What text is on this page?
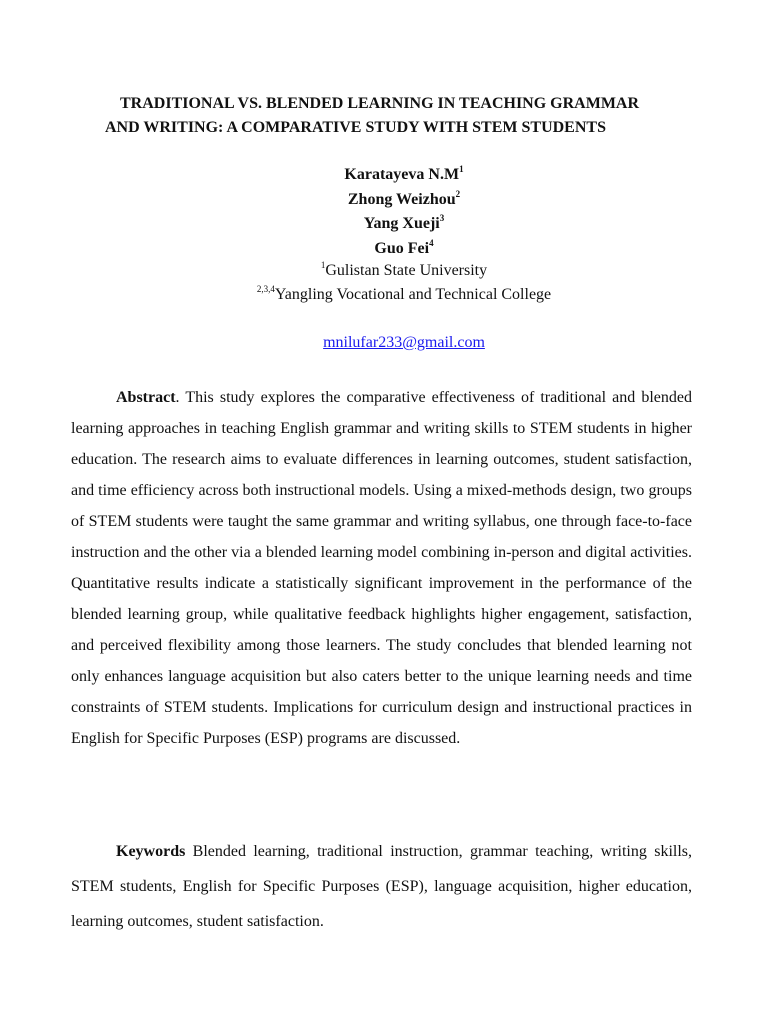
TRADITIONAL VS. BLENDED LEARNING IN TEACHING GRAMMAR
AND WRITING: A COMPARATIVE STUDY WITH STEM STUDENTS
Karatayeva $N.M^1$
Zhong Weizhou$^2$
Yang Xueji$^3$
Guo Fei$^4$

$^1$Gulistan State University

$^{2,3,4}$Yangling Vocational and Technical College

mnilufar233@gmail.com

Abstract. This study explores the comparative effectiveness of traditional and blended learning approaches in teaching English grammar and writing skills to STEM students in higher education. The research aims to evaluate differences in learning outcomes, student satisfaction, and time efficiency across both instructional models. Using a mixed-methods design, two groups of STEM students were taught the same grammar and writing syllabus, one through face-to-face instruction and the other via a blended learning model combining in-person and digital activities. Quantitative results indicate a statistically significant improvement in the performance of the blended learning group, while qualitative feedback highlights higher engagement, satisfaction, and perceived flexibility among those learners. The study concludes that blended learning not only enhances language acquisition but also caters better to the unique learning needs and time constraints of STEM students. Implications for curriculum design and instructional practices in English for Specific Purposes (ESP) programs are discussed.

Keywords Blended learning, traditional instruction, grammar teaching, writing skills, STEM students, English for Specific Purposes (ESP), language acquisition, higher education, learning outcomes, student satisfaction.
